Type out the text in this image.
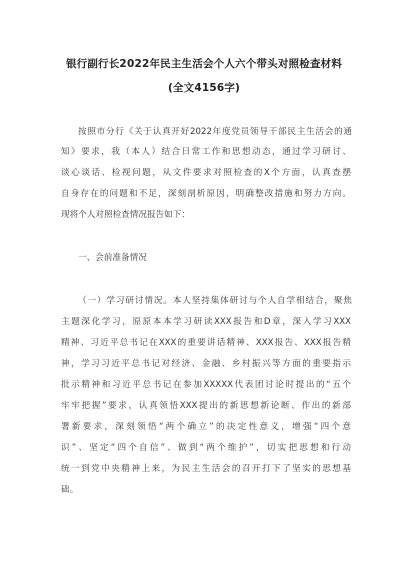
银行副行长2022年民主生活会个人六个带头对照检查材料
(全文4156字)
按照市分行《关于认真开好2022年度党员领导干部民主生活会的通
知》要求，我（本人）结合日常工作和思想动态，通过学习研讨、
谈心谈话、检视问题，从文件要求对照检查的X个方面，认真查摆
自身存在的问题和不足，深刻剖析原因，明确整改措施和努力方向。
现将个人对照检查情况报告如下：
一、会前准备情况
（一）学习研讨情况。本人坚持集体研讨与个人自学相结合，聚焦
主题深化学习，原原本本学习研读XXX报告和D章，深入学习XXX
精神、习近平总书记在XXX的重要讲话精神、XXX报告、XXX报告精
神，学习习近平总书记对经济、金融、乡村振兴等方面的重要指示
批示精神和习近平总书记在参加XXXXX代表团讨论时提出的“五个
牢牢把握”要求，认真领悟XXX提出的新思想新论断、作出的新部
署新要求，深刻领悟“两个确立”的决定性意义，增强“四个意
识”、坚定“四个自信”、做到“两个维护”，切实把思想和行动
统一到党中央精神上来，为民主生活会的召开打下了坚实的思想基
础。
